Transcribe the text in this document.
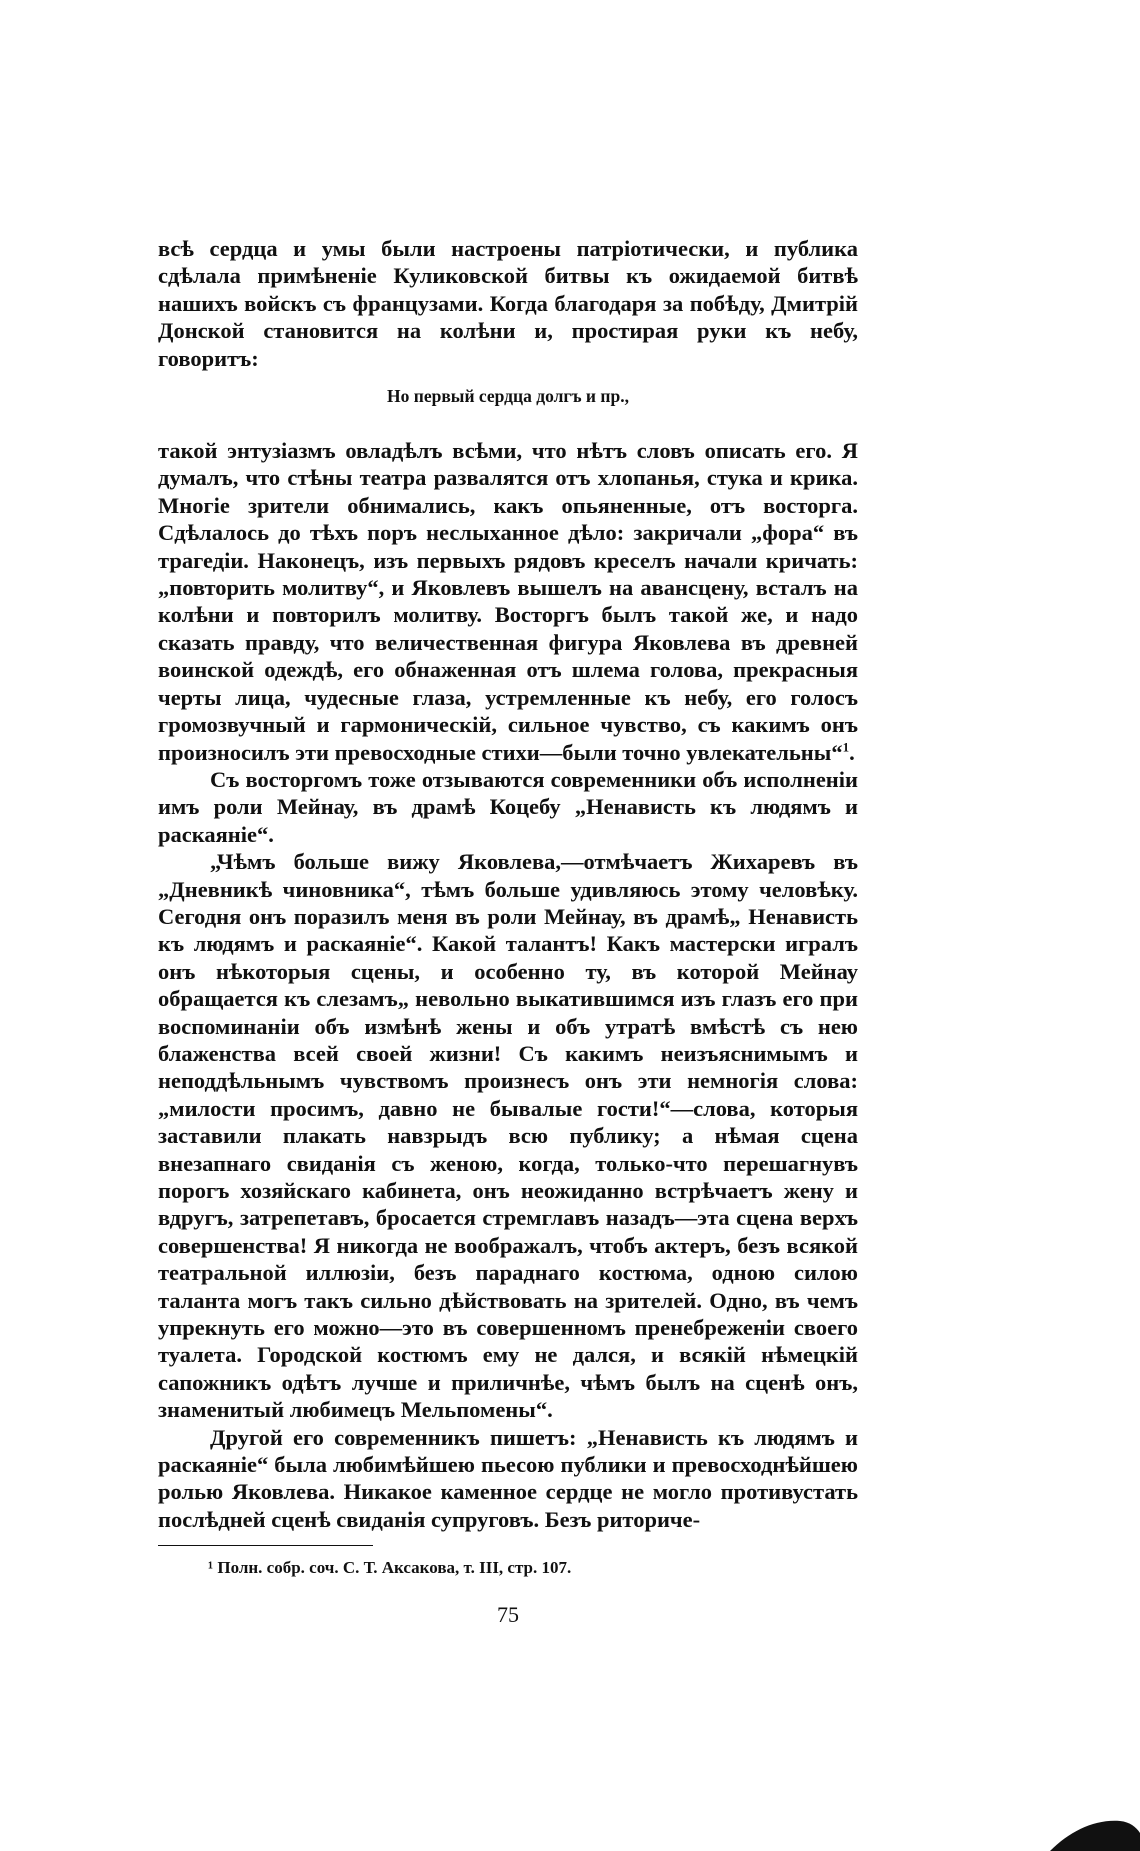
всѣ сердца и умы были настроены патріотически, и публика сдѣлала примѣненіе Куликовской битвы къ ожидаемой битвѣ нашихъ войскъ съ французами. Когда благодаря за побѣду, Дмитрій Донской становится на колѣни и, простирая руки къ небу, говоритъ:

Но первый сердца долгъ и пр.,

такой энтузіазмъ овладѣлъ всѣми, что нѣтъ словъ описать его. Я думалъ, что стѣны театра развалятся отъ хлопанья, стука и крика. Многіе зрители обнимались, какъ опьяненные, отъ восторга. Сдѣлалось до тѣхъ поръ неслыханное дѣло: закричали „фора“ въ трагедіи. Наконецъ, изъ первыхъ рядовъ креселъ начали кричать: „повторить молитву“, и Яковлевъ вышелъ на авансцену, всталъ на колѣни и повторилъ молитву. Восторгъ былъ такой же, и надо сказать правду, что величественная фигура Яковлева въ древней воинской одеждѣ, его обнаженная отъ шлема голова, прекрасныя черты лица, чудесные глаза, устремленные къ небу, его голосъ громозвучный и гармоническій, сильное чувство, съ какимъ онъ произносилъ эти превосходные стихи—были точно увлекательны“$^1$.

Съ восторгомъ тоже отзываются современники объ исполненіи имъ роли Мейнау, въ драмѣ Коцебу „Ненависть къ людямъ и раскаяніе“.

„Чѣмъ больше вижу Яковлева,—отмѣчаетъ Жихаревъ въ „Дневникѣ чиновника“, тѣмъ больше удивляюсь этому человѣку. Сегодня онъ поразилъ меня въ роли Мейнау, въ драмѣ„ Ненависть къ людямъ и раскаяніе“. Какой талантъ! Какъ мастерски игралъ онъ нѣкоторыя сцены, и особенно ту, въ которой Мейнау обращается къ слезамъ„ невольно выкатившимся изъ глазъ его при воспоминаніи объ измѣнѣ жены и объ утратѣ вмѣстѣ съ нею блаженства всей своей жизни! Съ какимъ неизъяснимымъ и неподдѣльнымъ чувствомъ произнесъ онъ эти немногія слова: „милости просимъ, давно не бывалые гости!“—слова, которыя заставили плакать навзрыдъ всю публику; а нѣмая сцена внезапнаго свиданія съ женою, когда, только-что перешагнувъ порогъ хозяйскаго кабинета, онъ неожиданно встрѣчаетъ жену и вдругъ, затрепетавъ, бросается стремглавъ назадъ—эта сцена верхъ совершенства! Я никогда не воображалъ, чтобъ актеръ, безъ всякой театральной иллюзіи, безъ параднаго костюма, одною силою таланта могъ такъ сильно дѣйствовать на зрителей. Одно, въ чемъ упрекнуть его можно—это въ совершенномъ пренебреженіи своего туалета. Городской костюмъ ему не дался, и всякій нѣмецкій сапожникъ одѣтъ лучше и приличнѣе, чѣмъ былъ на сценѣ онъ, знаменитый любимецъ Мельпомены“.

Другой его современникъ пишетъ: „Ненависть къ людямъ и раскаяніе“ была любимѣйшею пьесою публики и превосходнѣйшею ролью Яковлева. Никакое каменное сердце не могло противустать послѣдней сценѣ свиданія супруговъ. Безъ риториче-

¹ Полн. собр. соч. С. Т. Аксакова, т. III, стр. 107.

75
